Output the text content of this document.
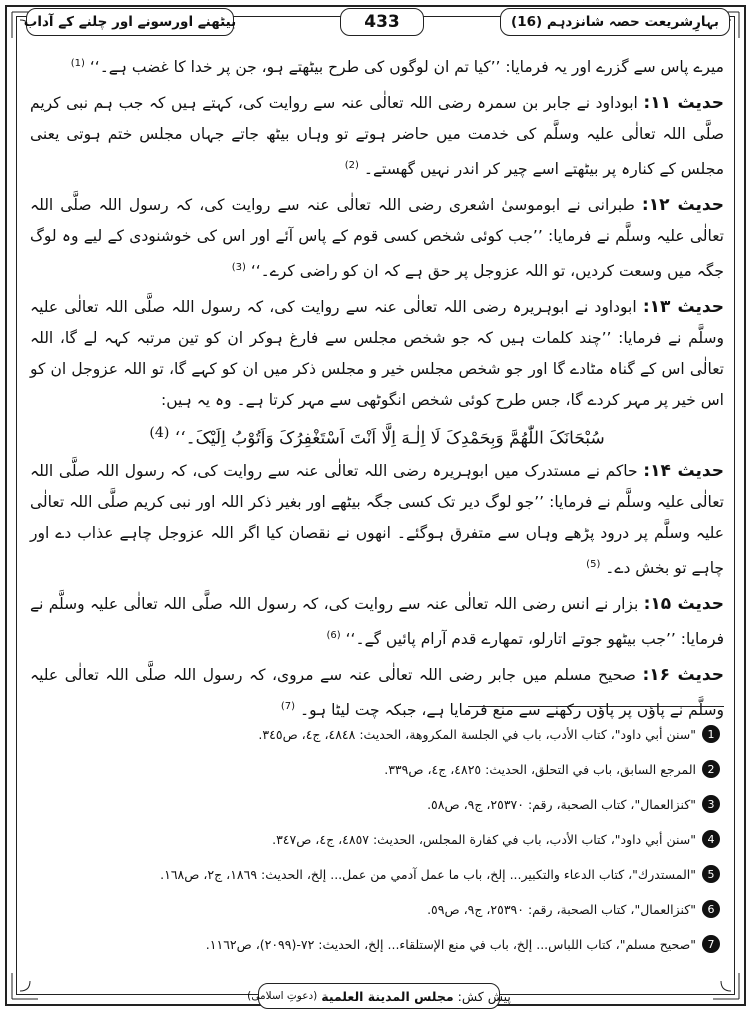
بہارِشریعت حصہ شانزدہم (16)
433
بیٹھنے اورسونے اور چلنے کے آداب

میرے پاس سے گزرے اور یہ فرمایا: ’’کیا تم ان لوگوں کی طرح بیٹھتے ہو، جن پر خدا کا غضب ہے۔‘‘ $^{(1)}$

حدیث ۱۱: ابوداود نے جابر بن سمرہ رضی اللہ تعالٰی عنہ سے روایت کی، کہتے ہیں کہ جب ہم نبی کریم صلَّی اللہ تعالٰی علیہ وسلَّم کی خدمت میں حاضر ہوتے تو وہاں بیٹھ جاتے جہاں مجلس ختم ہوتی یعنی مجلس کے کنارہ پر بیٹھتے اسے چیر کر اندر نہیں گھستے۔ $^{(2)}$

حدیث ۱۲: طبرانی نے ابوموسیٰ اشعری رضی اللہ تعالٰی عنہ سے روایت کی، کہ رسول اللہ صلَّی اللہ تعالٰی علیہ وسلَّم نے فرمایا: ’’جب کوئی شخص کسی قوم کے پاس آئے اور اس کی خوشنودی کے لیے وہ لوگ جگہ میں وسعت کردیں، تو اللہ عزوجل پر حق ہے کہ ان کو راضی کرے۔‘‘ $^{(3)}$

حدیث ۱۳: ابوداود نے ابوہریرہ رضی اللہ تعالٰی عنہ سے روایت کی، کہ رسول اللہ صلَّی اللہ تعالٰی علیہ وسلَّم نے فرمایا: ’’چند کلمات ہیں کہ جو شخص مجلس سے فارغ ہوکر ان کو تین مرتبہ کہہ لے گا، اللہ تعالٰی اس کے گناہ مٹادے گا اور جو شخص مجلس خیر و مجلس ذکر میں ان کو کہے گا، تو اللہ عزوجل ان کو اس خیر پر مہر کردے گا، جس طرح کوئی شخص انگوٹھی سے مہر کرتا ہے۔ وہ یہ ہیں:

سُبْحَانَکَ اللّٰھُمَّ وَبِحَمْدِکَ لَا اِلٰـهَ اِلَّا اَنْتَ اَسْتَغْفِرُکَ وَاَتُوْبُ اِلَیْکَ۔‘‘ $^{(4)}$

حدیث ۱۴: حاکم نے مستدرک میں ابوہریرہ رضی اللہ تعالٰی عنہ سے روایت کی، کہ رسول اللہ صلَّی اللہ تعالٰی علیہ وسلَّم نے فرمایا: ’’جو لوگ دیر تک کسی جگہ بیٹھے اور بغیر ذکر اللہ اور نبی کریم صلَّی اللہ تعالٰی علیہ وسلَّم پر درود پڑھے وہاں سے متفرق ہوگئے۔ انھوں نے نقصان کیا اگر اللہ عزوجل چاہے عذاب دے اور چاہے تو بخش دے۔ $^{(5)}$

حدیث ۱۵: بزار نے انس رضی اللہ تعالٰی عنہ سے روایت کی، کہ رسول اللہ صلَّی اللہ تعالٰی علیہ وسلَّم نے فرمایا: ’’جب بیٹھو جوتے اتارلو، تمھارے قدم آرام پائیں گے۔‘‘ $^{(6)}$

حدیث ۱۶: صحیح مسلم میں جابر رضی اللہ تعالٰی عنہ سے مروی، کہ رسول اللہ صلَّی اللہ تعالٰی علیہ وسلَّم نے پاؤں پر پاؤں رکھنے سے منع فرمایا ہے، جبکہ چت لیٹا ہو۔ $^{(7)}$

1
"سنن أبي داود"، كتاب الأدب، باب في الجلسة المكروهة، الحديث: ٤٨٤٨، ج٤، ص٣٤٥.
2
المرجع السابق، باب في التحلق، الحديث: ٤٨٢٥، ج٤، ص٣٣٩.
3
"كنزالعمال"، كتاب الصحبة، رقم: ٢٥٣٧٠، ج٩، ص٥٨.
4
"سنن أبي داود"، كتاب الأدب، باب في كفارة المجلس، الحديث: ٤٨٥٧، ج٤، ص٣٤٧.
5
"المستدرك"، كتاب الدعاء والتكبير... إلخ، باب ما عمل آدمي من عمل... إلخ، الحديث: ١٨٦٩، ج٢، ص١٦٨.
6
"كنزالعمال"، كتاب الصحبة، رقم: ٢٥٣٩٠، ج٩، ص٥٩.
7
"صحيح مسلم"، كتاب اللباس... إلخ، باب في منع الإستلقاء... إلخ، الحديث: ٧٢-(٢٠٩٩)، ص١١٦٢.
پیش کش:
مجلس المدينة العلمية
(دعوتِ اسلامی)
